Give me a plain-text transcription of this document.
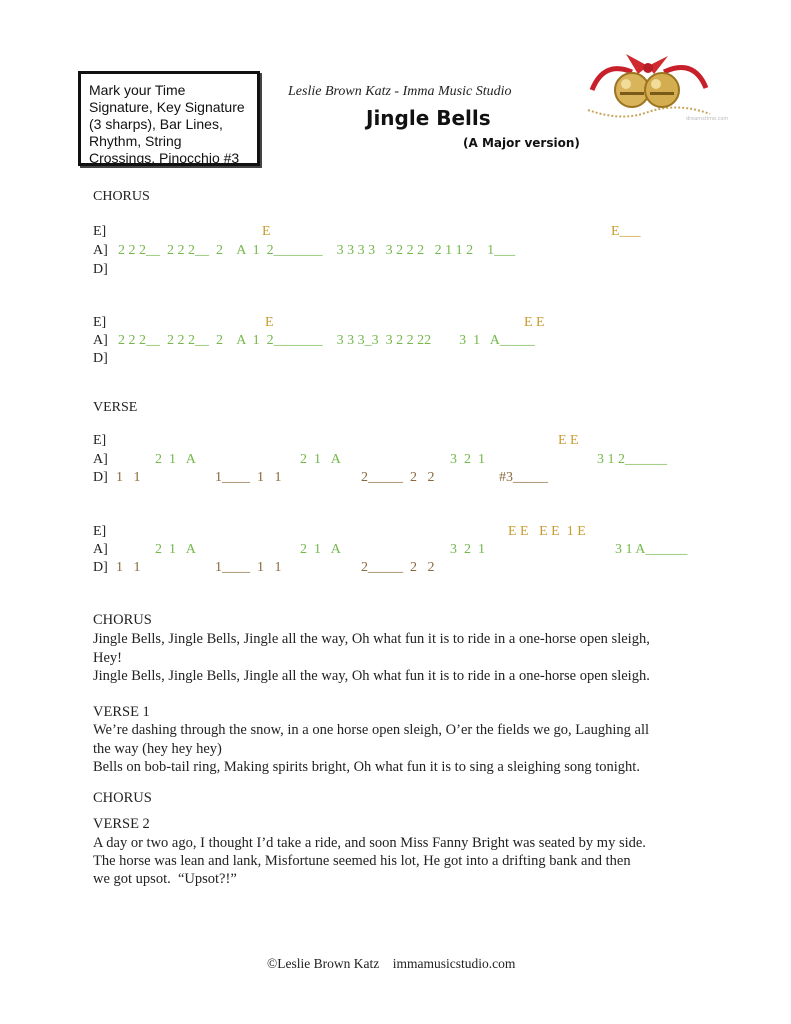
Mark your Time Signature, Key Signature (3 sharps), Bar Lines, Rhythm, String Crossings, Pinocchio #3
Leslie Brown Katz - Imma Music Studio
Jingle Bells
(A Major version)
dreamstime.com
CHORUS
E]	E	E___
A] 2 2 2__  2 2 2__  2    A  1  2_______    3 3 3 3   3 2 2 2   2 1 1 2    1___
D]
E]	E	E E
A] 2 2 2__  2 2 2__  2    A  1  2_______    3 3 3_3  3 2 2 22        3  1   A_____
D]
VERSE
E]	E E
A]	2  1   A	2  1   A	3  2  1	3 1 2______
D] 1   1	1____  1   1	2_____  2   2	#3_____
E]	E E   E E  1 E
A]	2  1   A	2  1   A	3  2  1	3 1 A______
D] 1   1	1____  1   1	2_____  2   2
CHORUS
Jingle Bells, Jingle Bells, Jingle all the way, Oh what fun it is to ride in a one-horse open sleigh,
Hey!
Jingle Bells, Jingle Bells, Jingle all the way, Oh what fun it is to ride in a one-horse open sleigh.
VERSE 1
We’re dashing through the snow, in a one horse open sleigh, O’er the fields we go, Laughing all
the way (hey hey hey)
Bells on bob-tail ring, Making spirits bright, Oh what fun it is to sing a sleighing song tonight.
CHORUS
VERSE 2
A day or two ago, I thought I’d take a ride, and soon Miss Fanny Bright was seated by my side.
The horse was lean and lank, Misfortune seemed his lot, He got into a drifting bank and then
we got upsot.  “Upsot?!”
©Leslie Brown Katz    immamusicstudio.com
